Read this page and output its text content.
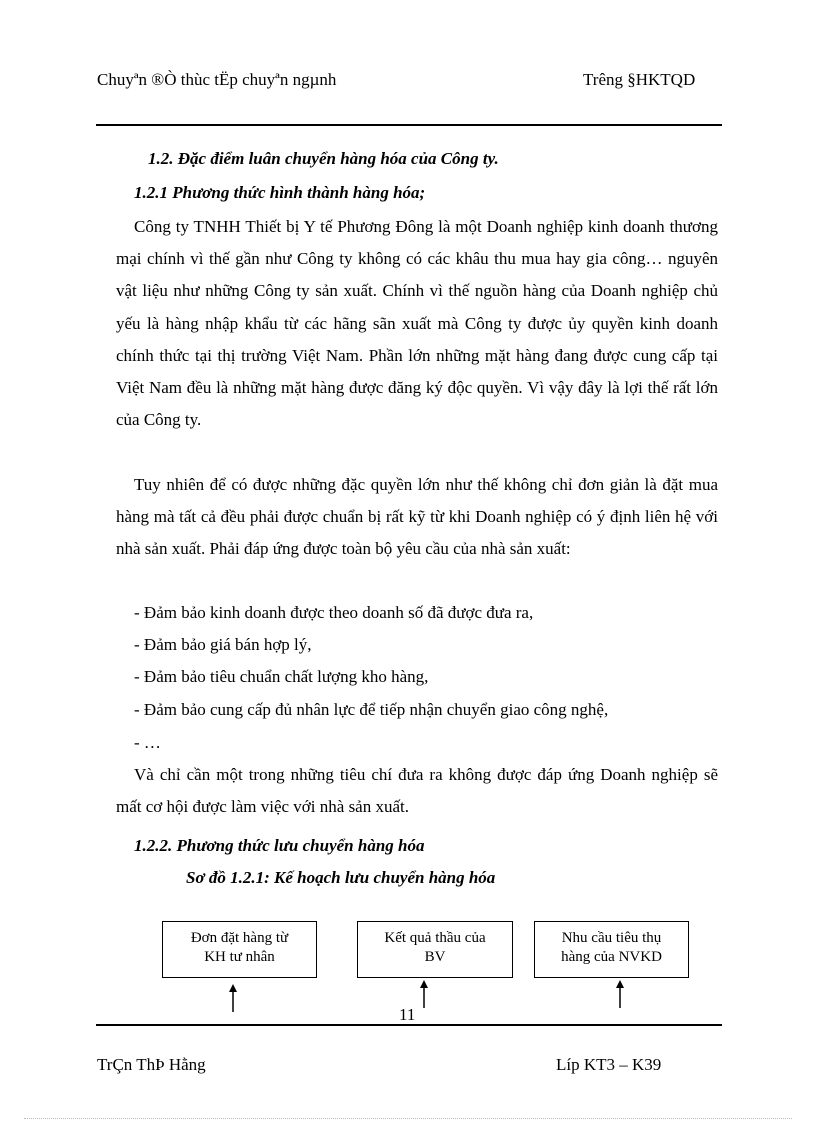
Chuyªn ®Ò thùc tËp chuyªn ngµnh	Trêng §HKTQD
1.2. Đặc điểm luân chuyển hàng hóa của Công ty.
1.2.1 Phương thức hình thành hàng hóa;
Công ty TNHH Thiết bị Y tế Phương Đông là một Doanh nghiệp kinh doanh thương mại chính vì thế gần như Công ty không có các khâu thu mua hay gia công… nguyên vật liệu như những Công ty sản xuất. Chính vì thế nguồn hàng của Doanh nghiệp chủ yếu là hàng nhập khẩu từ các hãng sãn xuất mà Công ty được ủy quyền kinh doanh chính thức tại thị trường Việt Nam. Phần lớn những mặt hàng đang được cung cấp tại Việt Nam đều là những mặt hàng được đăng ký độc quyền. Vì vậy đây là lợi thế rất lớn của Công ty.
Tuy nhiên để có được những đặc quyền lớn như thế không chỉ đơn giản là đặt mua hàng mà tất cả đều phải được chuẩn bị rất kỹ từ khi Doanh nghiệp có ý định liên hệ với nhà sản xuất. Phải đáp ứng được toàn bộ yêu cầu của nhà sản xuất:
- Đảm bảo kinh doanh được theo doanh số đã được đưa ra,
- Đảm bảo giá bán hợp lý,
- Đảm bảo tiêu chuẩn chất lượng kho hàng,
- Đảm bảo cung cấp đủ nhân lực để tiếp nhận chuyển giao công nghệ,
- …
Và chỉ cần một trong những tiêu chí đưa ra không được đáp ứng Doanh nghiệp sẽ mất cơ hội được làm việc với nhà sản xuất.
1.2.2. Phương thức lưu chuyển hàng hóa
Sơ đồ 1.2.1: Kế hoạch lưu chuyển hàng hóa
Đơn đặt hàng từ
KH tư nhân
Kết quả thầu của
BV
Nhu cầu tiêu thụ
hàng của NVKD
11
TrÇn ThÞ Hằng	Líp KT3 – K39
